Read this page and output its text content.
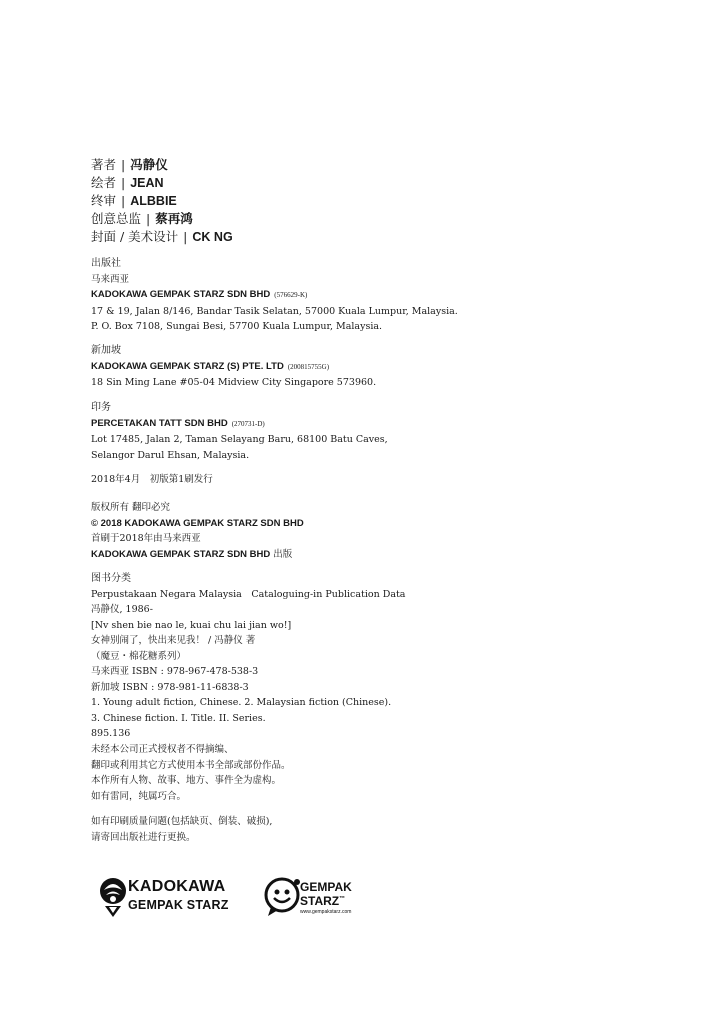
著者 | 冯静仪
绘者 | JEAN
终审 | ALBBIE
创意总监 | 蔡再鸿
封面 / 美术设计 | CK NG
出版社
马来西亚
KADOKAWA GEMPAK STARZ SDN BHD (576629-K)
17 & 19, Jalan 8/146, Bandar Tasik Selatan, 57000 Kuala Lumpur, Malaysia.
P. O. Box 7108, Sungai Besi, 57700 Kuala Lumpur, Malaysia.
新加坡
KADOKAWA GEMPAK STARZ (S) PTE. LTD (200815755G)
18 Sin Ming Lane #05-04 Midview City Singapore 573960.
印务
PERCETAKAN TATT SDN BHD (270731-D)
Lot 17485, Jalan 2, Taman Selayang Baru, 68100 Batu Caves,
Selangor Darul Ehsan, Malaysia.
2018年4月　初版第1刷发行
版权所有 翻印必究
© 2018 KADOKAWA GEMPAK STARZ SDN BHD
首刷于2018年由马来西亚
KADOKAWA GEMPAK STARZ SDN BHD 出版
图书分类
Perpustakaan Negara Malaysia　Cataloguing-in Publication Data
冯静仪, 1986-
[Nv shen bie nao le, kuai chu lai jian wo!]
女神别闹了，快出来见我！ / 冯静仪 著
（魔豆・棉花糖系列）
马来西亚 ISBN : 978-967-478-538-3
新加坡 ISBN : 978-981-11-6838-3
1. Young adult fiction, Chinese. 2. Malaysian fiction (Chinese).
3. Chinese fiction. I. Title. II. Series.
895.136
未经本公司正式授权者不得摘编、
翻印或利用其它方式使用本书全部或部份作品。
本作所有人物、故事、地方、事件全为虚构。
如有雷同，纯属巧合。
如有印刷质量问题(包括缺页、倒装、破损),
请寄回出版社进行更换。
KADOKAWA
GEMPAK STARZ
GEMPAK
STARZ™
www.gempakstarz.com
